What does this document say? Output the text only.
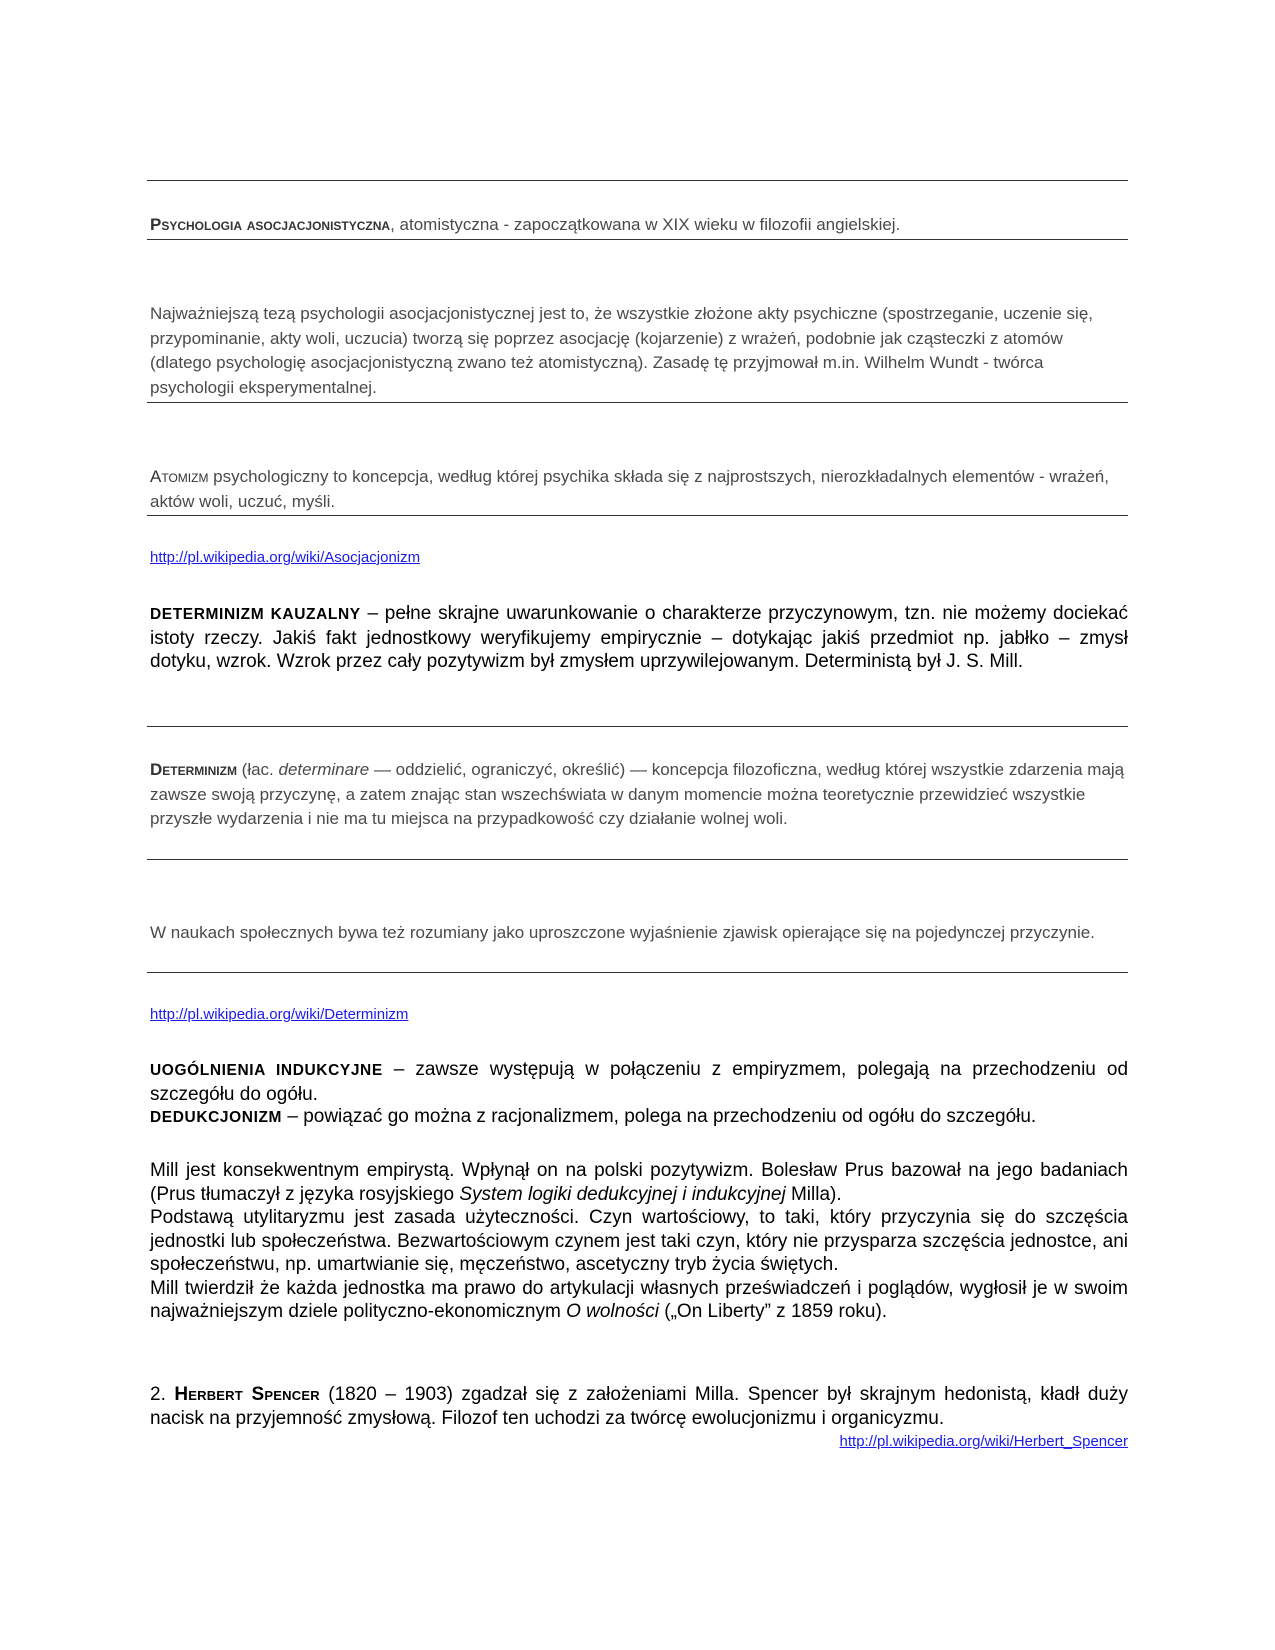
Psychologia asocjacjonistyczna, atomistyczna - zapoczątkowana w XIX wieku w filozofii angielskiej.
Najważniejszą tezą psychologii asocjacjonistycznej jest to, że wszystkie złożone akty psychiczne (spostrzeganie, uczenie się, przypominanie, akty woli, uczucia) tworzą się poprzez asocjację (kojarzenie) z wrażeń, podobnie jak cząsteczki z atomów (dlatego psychologię asocjacjonistyczną zwano też atomistyczną). Zasadę tę przyjmował m.in. Wilhelm Wundt - twórca psychologii eksperymentalnej.
Atomizm psychologiczny to koncepcja, według której psychika składa się z najprostszych, nierozkładalnych elementów - wrażeń, aktów woli, uczuć, myśli.
http://pl.wikipedia.org/wiki/Asocjacjonizm
DETERMINIZM KAUZALNY – pełne skrajne uwarunkowanie o charakterze przyczynowym, tzn. nie możemy dociekać istoty rzeczy. Jakiś fakt jednostkowy weryfikujemy empirycznie – dotykając jakiś przedmiot np. jabłko – zmysł dotyku, wzrok. Wzrok przez cały pozytywizm był zmysłem uprzywilejowanym. Deterministą był J. S. Mill.
Determinizm (łac. determinare — oddzielić, ograniczyć, określić) — koncepcja filozoficzna, według której wszystkie zdarzenia mają zawsze swoją przyczynę, a zatem znając stan wszechświata w danym momencie można teoretycznie przewidzieć wszystkie przyszłe wydarzenia i nie ma tu miejsca na przypadkowość czy działanie wolnej woli.
W naukach społecznych bywa też rozumiany jako uproszczone wyjaśnienie zjawisk opierające się na pojedynczej przyczynie.
http://pl.wikipedia.org/wiki/Determinizm
UOGÓLNIENIA INDUKCYJNE – zawsze występują w połączeniu z empiryzmem, polegają na przechodzeniu od szczegółu do ogółu.
DEDUKCJONIZM – powiązać go można z racjonalizmem, polega na przechodzeniu od ogółu do szczegółu.
Mill jest konsekwentnym empirystą. Wpłynął on na polski pozytywizm. Bolesław Prus bazował na jego badaniach (Prus tłumaczył z języka rosyjskiego System logiki dedukcyjnej i indukcyjnej Milla).
Podstawą utylitaryzmu jest zasada użyteczności. Czyn wartościowy, to taki, który przyczynia się do szczęścia jednostki lub społeczeństwa. Bezwartościowym czynem jest taki czyn, który nie przysparza szczęścia jednostce, ani społeczeństwu, np. umartwianie się, męczeństwo, ascetyczny tryb życia świętych.
Mill twierdził że każda jednostka ma prawo do artykulacji własnych przeświadczeń i poglądów, wygłosił je w swoim najważniejszym dziele polityczno-ekonomicznym O wolności („On Liberty” z 1859 roku).
2. Herbert Spencer (1820 – 1903) zgadzał się z założeniami Milla. Spencer był skrajnym hedonistą, kładł duży nacisk na przyjemność zmysłową. Filozof ten uchodzi za twórcę ewolucjonizmu i organicyzmu.
http://pl.wikipedia.org/wiki/Herbert_Spencer
